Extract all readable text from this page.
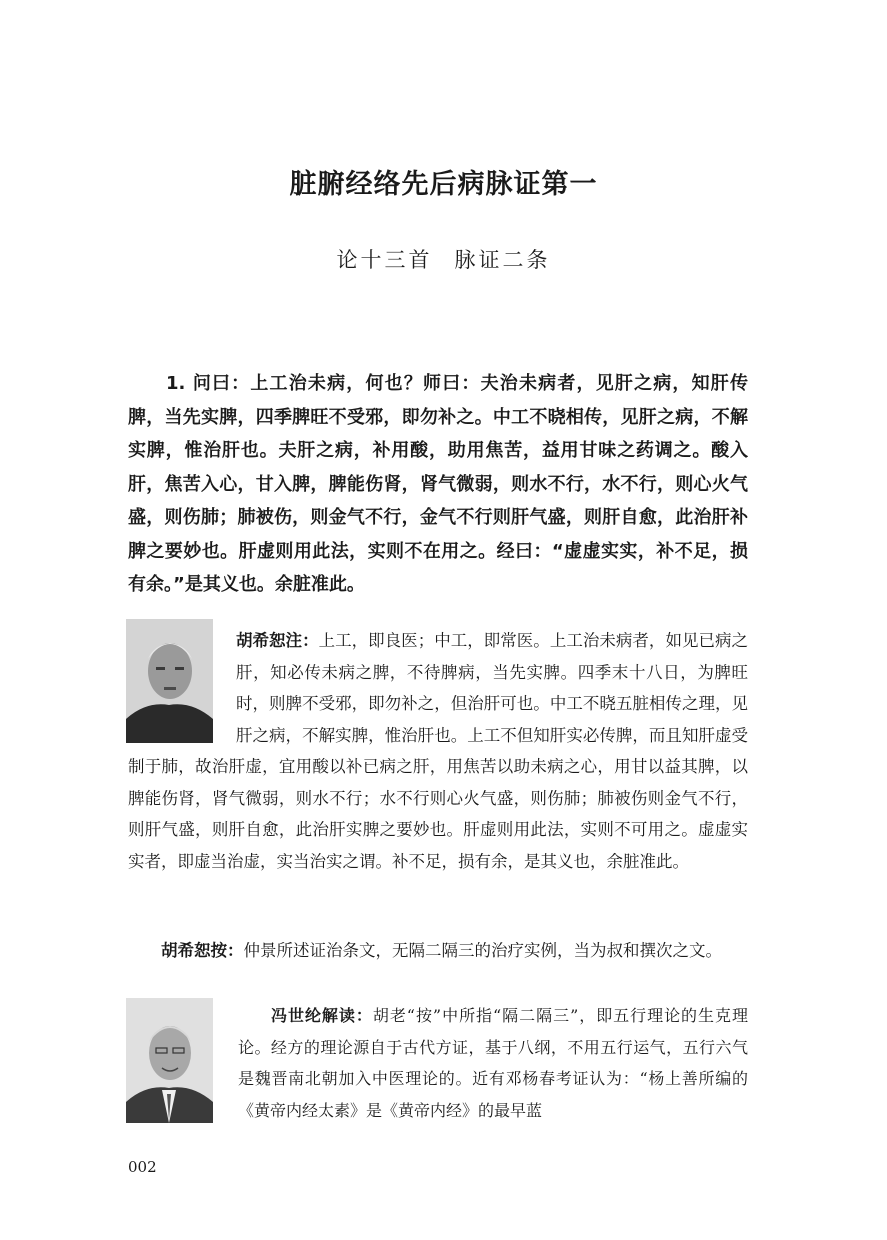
脏腑经络先后病脉证第一
论十三首 脉证二条

1. 问曰：上工治未病，何也？师曰：夫治未病者，见肝之病，知肝传脾，当先实脾，四季脾旺不受邪，即勿补之。中工不晓相传，见肝之病，不解实脾，惟治肝也。夫肝之病，补用酸，助用焦苦，益用甘味之药调之。酸入肝，焦苦入心，甘入脾，脾能伤肾，肾气微弱，则水不行，水不行，则心火气盛，则伤肺；肺被伤，则金气不行，金气不行则肝气盛，则肝自愈，此治肝补脾之要妙也。肝虚则用此法，实则不在用之。经曰：“虚虚实实，补不足，损有余。”是其义也。余脏准此。

胡希恕注：上工，即良医；中工，即常医。上工治未病者，如见已病之肝，知必传未病之脾，不待脾病，当先实脾。四季末十八日，为脾旺时，则脾不受邪，即勿补之，但治肝可也。中工不晓五脏相传之理，见肝之病，不解实脾，惟治肝也。上工不但知肝实必传脾，而且知肝虚受制于肺，故治肝虚，宜用酸以补已病之肝，用焦苦以助未病之心，用甘以益其脾，以脾能伤肾，肾气微弱，则水不行；水不行则心火气盛，则伤肺；肺被伤则金气不行，则肝气盛，则肝自愈，此治肝实脾之要妙也。肝虚则用此法，实则不可用之。虚虚实实者，即虚当治虚，实当治实之谓。补不足，损有余，是其义也，余脏准此。

胡希恕按：仲景所述证治条文，无隔二隔三的治疗实例，当为叔和撰次之文。

冯世纶解读：胡老“按”中所指“隔二隔三”，即五行理论的生克理论。经方的理论源自于古代方证，基于八纲，不用五行运气，五行六气是魏晋南北朝加入中医理论的。近有邓杨春考证认为：“杨上善所编的《黄帝内经太素》是《黄帝内经》的最早蓝

002
